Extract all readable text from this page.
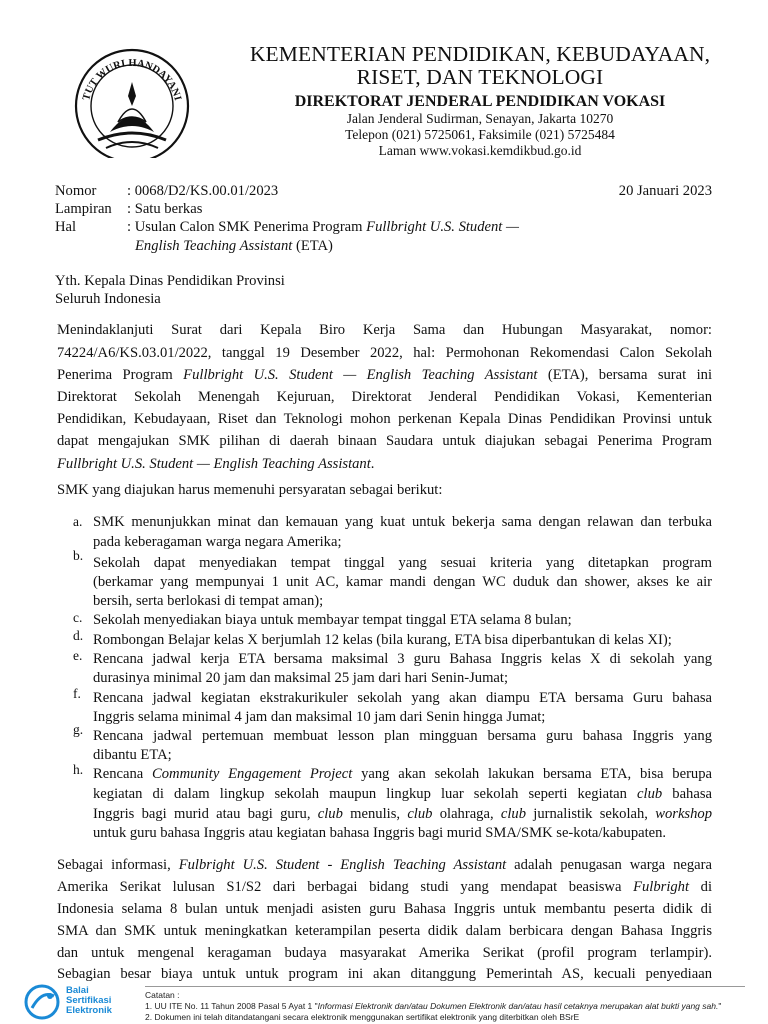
TUT WURI HANDAYANI
KEMENTERIAN PENDIDIKAN, KEBUDAYAAN,
RISET, DAN TEKNOLOGI
DIREKTORAT JENDERAL PENDIDIKAN VOKASI
Jalan Jenderal Sudirman, Senayan, Jakarta 10270
Telepon (021) 5725061, Faksimile (021) 5725484
Laman www.vokasi.kemdikbud.go.id
Nomor	: 0068/D2/KS.00.01/2023	20 Januari 2023
Lampiran	: Satu berkas
Hal	: Usulan Calon SMK Penerima Program Fullbright U.S. Student —
English Teaching Assistant (ETA)
Yth. Kepala Dinas Pendidikan Provinsi
Seluruh Indonesia
Menindaklanjuti Surat dari Kepala Biro Kerja Sama dan Hubungan Masyarakat, nomor:
74224/A6/KS.03.01/2022, tanggal 19 Desember 2022, hal: Permohonan Rekomendasi Calon Sekolah
Penerima Program Fullbright U.S. Student — English Teaching Assistant (ETA), bersama surat ini
Direktorat Sekolah Menengah Kejuruan, Direktorat Jenderal Pendidikan Vokasi, Kementerian
Pendidikan, Kebudayaan, Riset dan Teknologi mohon perkenan Kepala Dinas Pendidikan Provinsi untuk
dapat mengajukan SMK pilihan di daerah binaan Saudara untuk diajukan sebagai Penerima Program
Fullbright U.S. Student — English Teaching Assistant.
SMK yang diajukan harus memenuhi persyaratan sebagai berikut:
a. SMK menunjukkan minat dan kemauan yang kuat untuk bekerja sama dengan relawan dan terbuka
pada keberagaman warga negara Amerika;
b. Sekolah dapat menyediakan tempat tinggal yang sesuai kriteria yang ditetapkan program
(berkamar yang mempunyai 1 unit AC, kamar mandi dengan WC duduk dan shower, akses ke air
bersih, serta berlokasi di tempat aman);
c. Sekolah menyediakan biaya untuk membayar tempat tinggal ETA selama 8 bulan;
d. Rombongan Belajar kelas X berjumlah 12 kelas (bila kurang, ETA bisa diperbantukan di kelas XI);
e. Rencana jadwal kerja ETA bersama maksimal 3 guru Bahasa Inggris kelas X di sekolah yang
durasinya minimal 20 jam dan maksimal 25 jam dari hari Senin-Jumat;
f. Rencana jadwal kegiatan ekstrakurikuler sekolah yang akan diampu ETA bersama Guru bahasa
Inggris selama minimal 4 jam dan maksimal 10 jam dari Senin hingga Jumat;
g. Rencana jadwal pertemuan membuat lesson plan mingguan bersama guru bahasa Inggris yang
dibantu ETA;
h. Rencana Community Engagement Project yang akan sekolah lakukan bersama ETA, bisa berupa
kegiatan di dalam lingkup sekolah maupun lingkup luar sekolah seperti kegiatan club bahasa
Inggris bagi murid atau bagi guru, club menulis, club olahraga, club jurnalistik sekolah, workshop
untuk guru bahasa Inggris atau kegiatan bahasa Inggris bagi murid SMA/SMK se-kota/kabupaten.
Sebagai informasi, Fulbright U.S. Student - English Teaching Assistant adalah penugasan warga negara
Amerika Serikat lulusan S1/S2 dari berbagai bidang studi yang mendapat beasiswa Fulbright di
Indonesia selama 8 bulan untuk menjadi asisten guru Bahasa Inggris untuk membantu peserta didik di
SMA dan SMK untuk meningkatkan keterampilan peserta didik dalam berbicara dengan Bahasa Inggris
dan untuk mengenal keragaman budaya masyarakat Amerika Serikat (profil program terlampir).
Sebagian besar biaya untuk untuk program ini akan ditanggung Pemerintah AS, kecuali penyediaan
Catatan :
1. UU ITE No. 11 Tahun 2008 Pasal 5 Ayat 1 "Informasi Elektronik dan/atau Dokumen Elektronik dan/atau hasil cetaknya merupakan alat bukti yang sah."
2. Dokumen ini telah ditandatangani secara elektronik menggunakan sertifikat elektronik yang diterbitkan oleh BSrE
Balai
Sertifikasi
Elektronik
